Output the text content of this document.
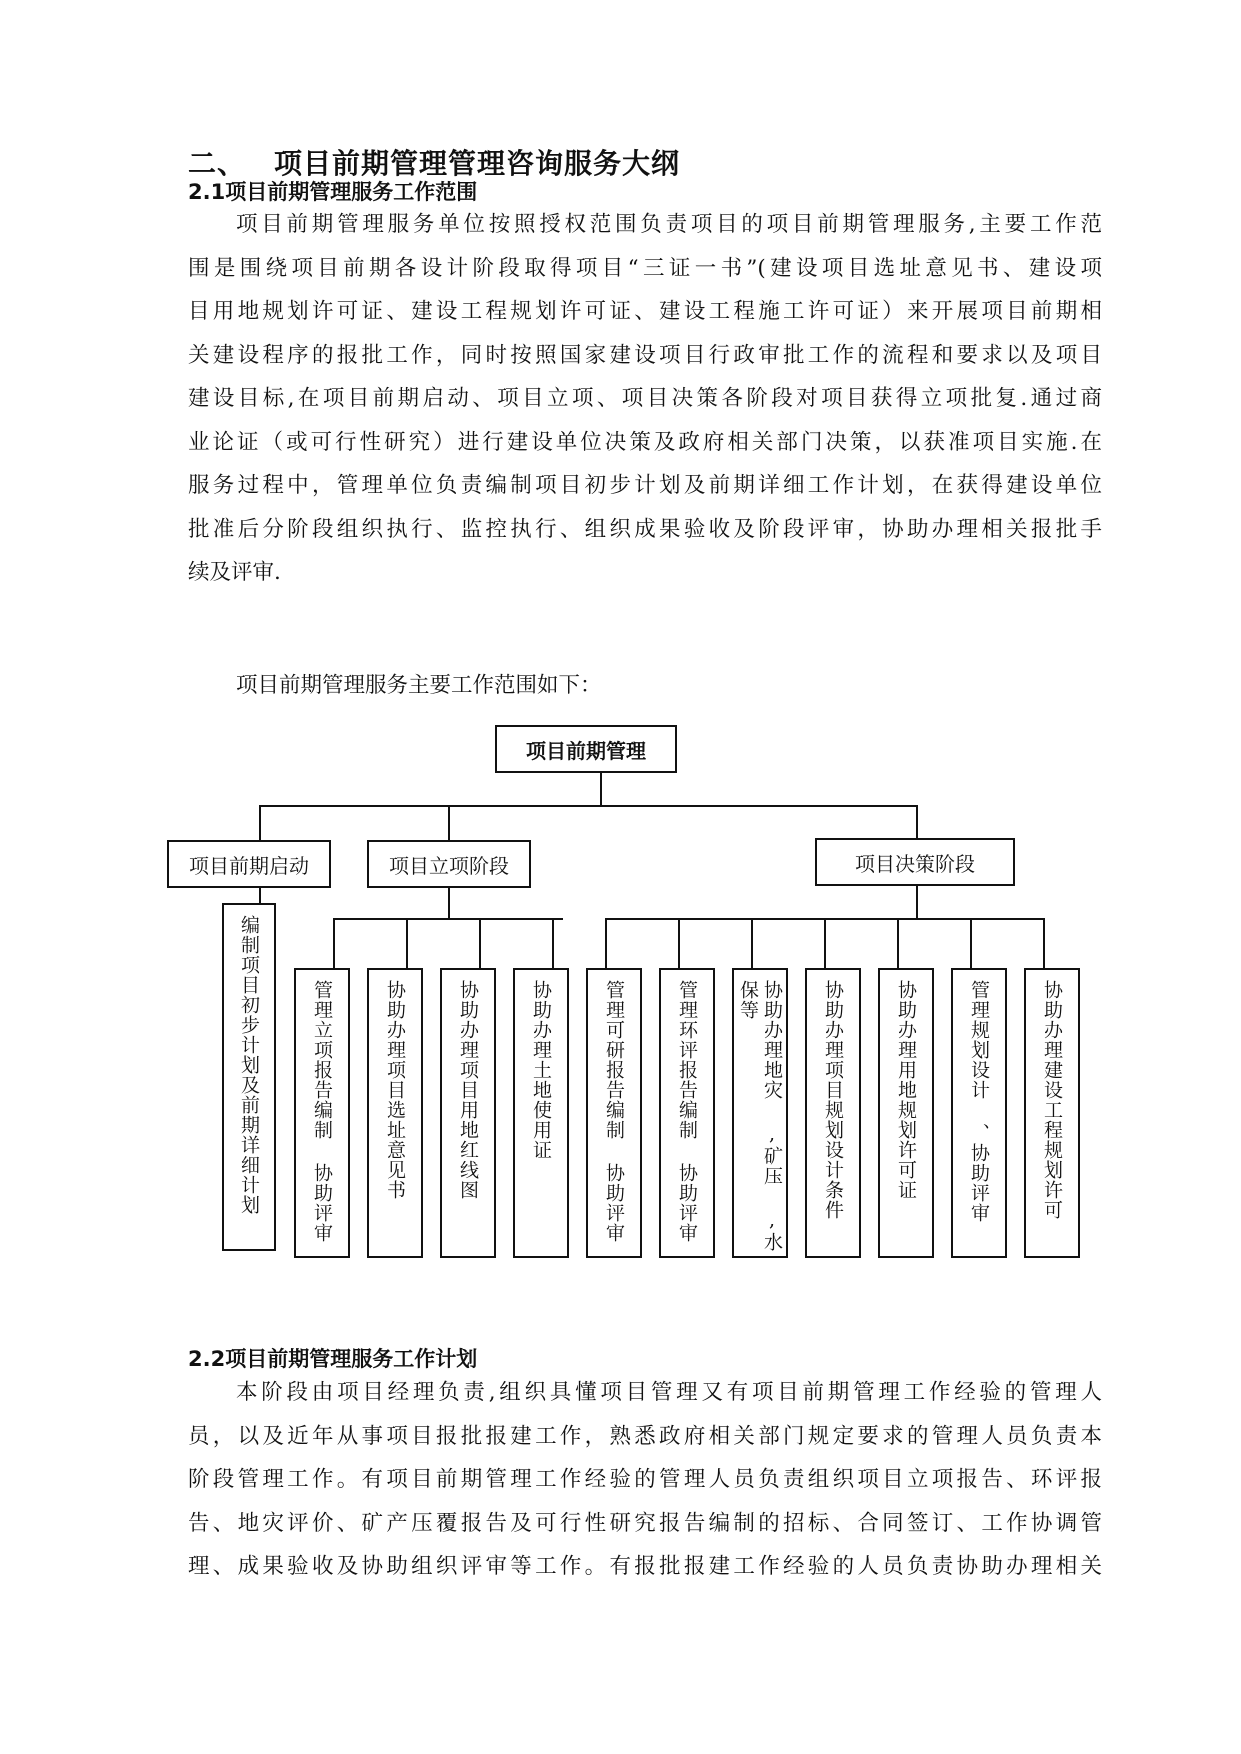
二、 项目前期管理管理咨询服务大纲
2.1项目前期管理服务工作范围
项目前期管理服务单位按照授权范围负责项目的项目前期管理服务,主要工作范
围是围绕项目前期各设计阶段取得项目“三证一书”(建设项目选址意见书、建设项
目用地规划许可证、建设工程规划许可证、建设工程施工许可证）来开展项目前期相
关建设程序的报批工作，同时按照国家建设项目行政审批工作的流程和要求以及项目
建设目标,在项目前期启动、项目立项、项目决策各阶段对项目获得立项批复.通过商
业论证（或可行性研究）进行建设单位决策及政府相关部门决策，以获准项目实施.在
服务过程中，管理单位负责编制项目初步计划及前期详细工作计划，在获得建设单位
批准后分阶段组织执行、监控执行、组织成果验收及阶段评审，协助办理相关报批手
续及评审.
项目前期管理服务主要工作范围如下：
项目前期管理
项目前期启动	项目立项阶段	项目决策阶段
编制项目初步计划及前期详细计划	管理立项报告编制 协助评审	协助办理项目选址意见书	协助办理项目用地红线图	协助办理土地使用证	管理可研报告编制 协助评审	管理环评报告编制 协助评审	协助办理地灾 ,矿压 ,水保等	协助办理项目规划设计条件	协助办理用地规划许可证	管理规划设计 、协助评审	协助办理建设工程规划许可
2.2项目前期管理服务工作计划
本阶段由项目经理负责,组织具懂项目管理又有项目前期管理工作经验的管理人
员，以及近年从事项目报批报建工作，熟悉政府相关部门规定要求的管理人员负责本
阶段管理工作。有项目前期管理工作经验的管理人员负责组织项目立项报告、环评报
告、地灾评价、矿产压覆报告及可行性研究报告编制的招标、合同签订、工作协调管
理、成果验收及协助组织评审等工作。有报批报建工作经验的人员负责协助办理相关
